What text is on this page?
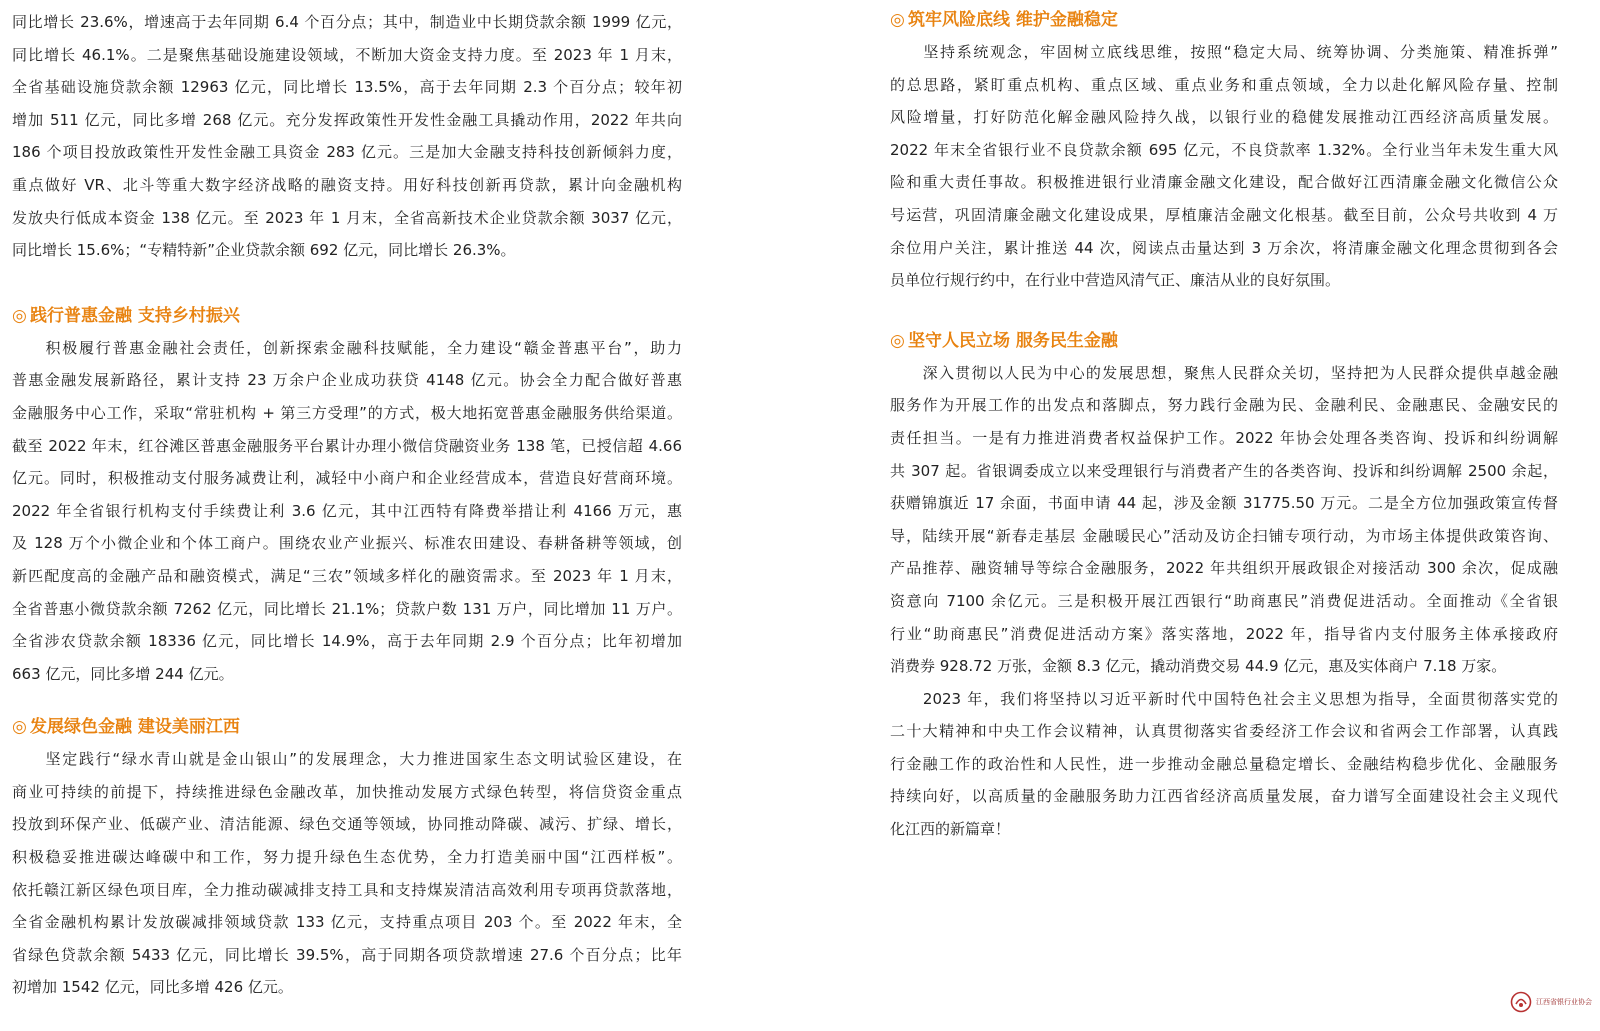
同比增长 23.6%，增速高于去年同期 6.4 个百分点；其中，制造业中长期贷款余额 1999 亿元，
同比增长 46.1%。二是聚焦基础设施建设领域，不断加大资金支持力度。至 2023 年 1 月末，
全省基础设施贷款余额 12963 亿元，同比增长 13.5%，高于去年同期 2.3 个百分点；较年初
增加 511 亿元，同比多增 268 亿元。充分发挥政策性开发性金融工具撬动作用，2022 年共向
186 个项目投放政策性开发性金融工具资金 283 亿元。三是加大金融支持科技创新倾斜力度，
重点做好 VR、北斗等重大数字经济战略的融资支持。用好科技创新再贷款，累计向金融机构
发放央行低成本资金 138 亿元。至 2023 年 1 月末，全省高新技术企业贷款余额 3037 亿元，
同比增长 15.6%；“专精特新”企业贷款余额 692 亿元，同比增长 26.3%。
◎ 践行普惠金融 支持乡村振兴
　　积极履行普惠金融社会责任，创新探索金融科技赋能，全力建设“赣金普惠平台”，助力
普惠金融发展新路径，累计支持 23 万余户企业成功获贷 4148 亿元。协会全力配合做好普惠
金融服务中心工作，采取“常驻机构 + 第三方受理”的方式，极大地拓宽普惠金融服务供给渠道。
截至 2022 年末，红谷滩区普惠金融服务平台累计办理小微信贷融资业务 138 笔，已授信超 4.66
亿元。同时，积极推动支付服务减费让利，减轻中小商户和企业经营成本，营造良好营商环境。
2022 年全省银行机构支付手续费让利 3.6 亿元，其中江西特有降费举措让利 4166 万元，惠
及 128 万个小微企业和个体工商户。围绕农业产业振兴、标准农田建设、春耕备耕等领域，创
新匹配度高的金融产品和融资模式，满足“三农”领域多样化的融资需求。至 2023 年 1 月末，
全省普惠小微贷款余额 7262 亿元，同比增长 21.1%；贷款户数 131 万户，同比增加 11 万户。
全省涉农贷款余额 18336 亿元，同比增长 14.9%，高于去年同期 2.9 个百分点；比年初增加
663 亿元，同比多增 244 亿元。
◎ 发展绿色金融 建设美丽江西
　　坚定践行“绿水青山就是金山银山”的发展理念，大力推进国家生态文明试验区建设，在
商业可持续的前提下，持续推进绿色金融改革，加快推动发展方式绿色转型，将信贷资金重点
投放到环保产业、低碳产业、清洁能源、绿色交通等领域，协同推动降碳、减污、扩绿、增长，
积极稳妥推进碳达峰碳中和工作，努力提升绿色生态优势，全力打造美丽中国“江西样板”。
依托赣江新区绿色项目库，全力推动碳减排支持工具和支持煤炭清洁高效利用专项再贷款落地，
全省金融机构累计发放碳减排领域贷款 133 亿元，支持重点项目 203 个。至 2022 年末，全
省绿色贷款余额 5433 亿元，同比增长 39.5%，高于同期各项贷款增速 27.6 个百分点；比年
初增加 1542 亿元，同比多增 426 亿元。
◎ 筑牢风险底线 维护金融稳定
　　坚持系统观念，牢固树立底线思维，按照“稳定大局、统筹协调、分类施策、精准拆弹”
的总思路，紧盯重点机构、重点区域、重点业务和重点领域，全力以赴化解风险存量、控制
风险增量，打好防范化解金融风险持久战，以银行业的稳健发展推动江西经济高质量发展。
2022 年末全省银行业不良贷款余额 695 亿元，不良贷款率 1.32%。全行业当年未发生重大风
险和重大责任事故。积极推进银行业清廉金融文化建设，配合做好江西清廉金融文化微信公众
号运营，巩固清廉金融文化建设成果，厚植廉洁金融文化根基。截至目前，公众号共收到 4 万
余位用户关注，累计推送 44 次，阅读点击量达到 3 万余次，将清廉金融文化理念贯彻到各会
员单位行规行约中，在行业中营造风清气正、廉洁从业的良好氛围。
◎ 坚守人民立场 服务民生金融
　　深入贯彻以人民为中心的发展思想，聚焦人民群众关切，坚持把为人民群众提供卓越金融
服务作为开展工作的出发点和落脚点，努力践行金融为民、金融利民、金融惠民、金融安民的
责任担当。一是有力推进消费者权益保护工作。2022 年协会处理各类咨询、投诉和纠纷调解
共 307 起。省银调委成立以来受理银行与消费者产生的各类咨询、投诉和纠纷调解 2500 余起，
获赠锦旗近 17 余面，书面申请 44 起，涉及金额 31775.50 万元。二是全方位加强政策宣传督
导，陆续开展“新春走基层 金融暖民心”活动及访企扫铺专项行动，为市场主体提供政策咨询、
产品推荐、融资辅导等综合金融服务，2022 年共组织开展政银企对接活动 300 余次，促成融
资意向 7100 余亿元。三是积极开展江西银行“助商惠民”消费促进活动。全面推动《全省银
行业“助商惠民”消费促进活动方案》落实落地，2022 年，指导省内支付服务主体承接政府
消费券 928.72 万张，金额 8.3 亿元，撬动消费交易 44.9 亿元，惠及实体商户 7.18 万家。
　　2023 年，我们将坚持以习近平新时代中国特色社会主义思想为指导，全面贯彻落实党的
二十大精神和中央工作会议精神，认真贯彻落实省委经济工作会议和省两会工作部署，认真践
行金融工作的政治性和人民性，进一步推动金融总量稳定增长、金融结构稳步优化、金融服务
持续向好，以高质量的金融服务助力江西省经济高质量发展，奋力谱写全面建设社会主义现代
化江西的新篇章！
江西省银行业协会
